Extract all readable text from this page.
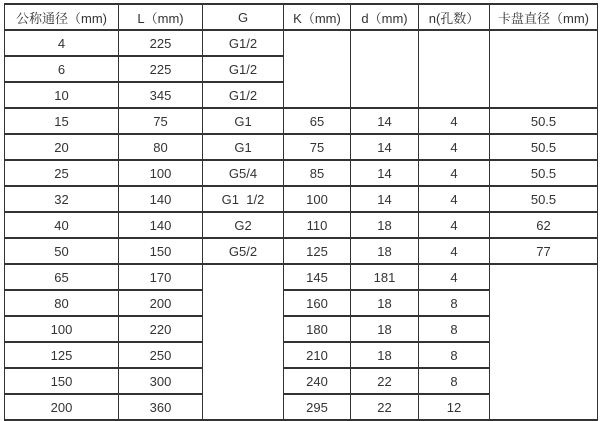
公称通径（mm)	L（mm)	G	K（mm)	d（mm)	n(孔数）	卡盘直径（mm)
4	225	G1/2				
6	225	G1/2				
10	345	G1/2				
15	75	G1	65	14	4	50.5
20	80	G1	75	14	4	50.5
25	100	G5/4	85	14	4	50.5
32	140	G1  1/2	100	14	4	50.5
40	140	G2	110	18	4	62
50	150	G5/2	125	18	4	77
65	170		145	181	4	
80	200		160	18	8	
100	220		180	18	8	
125	250		210	18	8	
150	300		240	22	8	
200	360		295	22	12	
